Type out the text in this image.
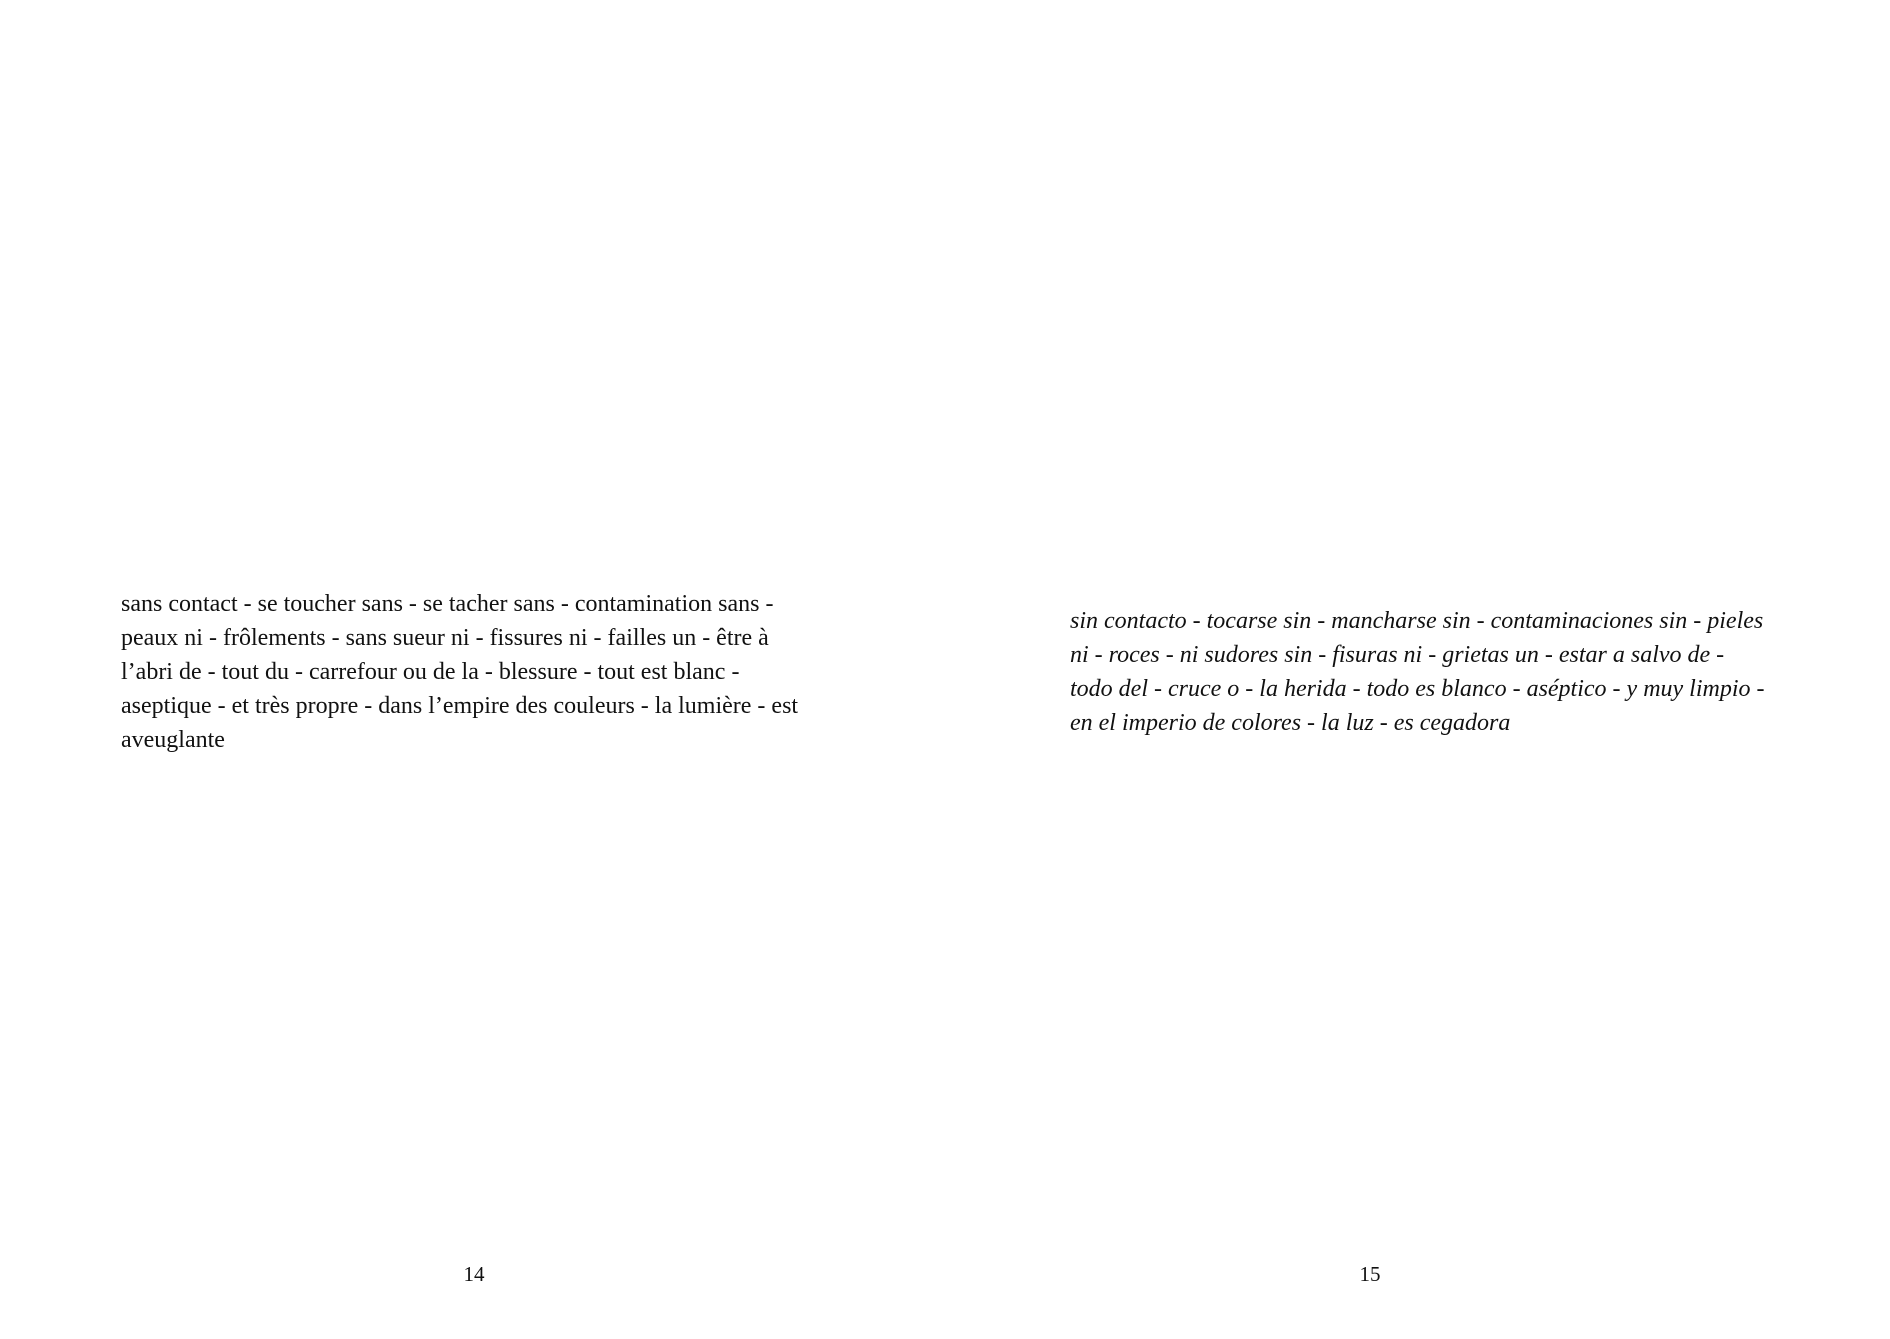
sans contact - se toucher sans - se tacher sans - contamination sans -
peaux ni - frôlements - sans sueur ni - fissures ni - failles un - être à
l’abri de - tout du - carrefour ou de la - blessure - tout est blanc -
aseptique - et très propre - dans l’empire des couleurs - la lumière - est
aveuglante

14

sin contacto - tocarse sin - mancharse sin - contaminaciones sin - pieles
ni - roces - ni sudores sin - fisuras ni - grietas un - estar a salvo de -
todo del - cruce o - la herida - todo es blanco - aséptico - y muy limpio -
en el imperio de colores - la luz - es cegadora

15
